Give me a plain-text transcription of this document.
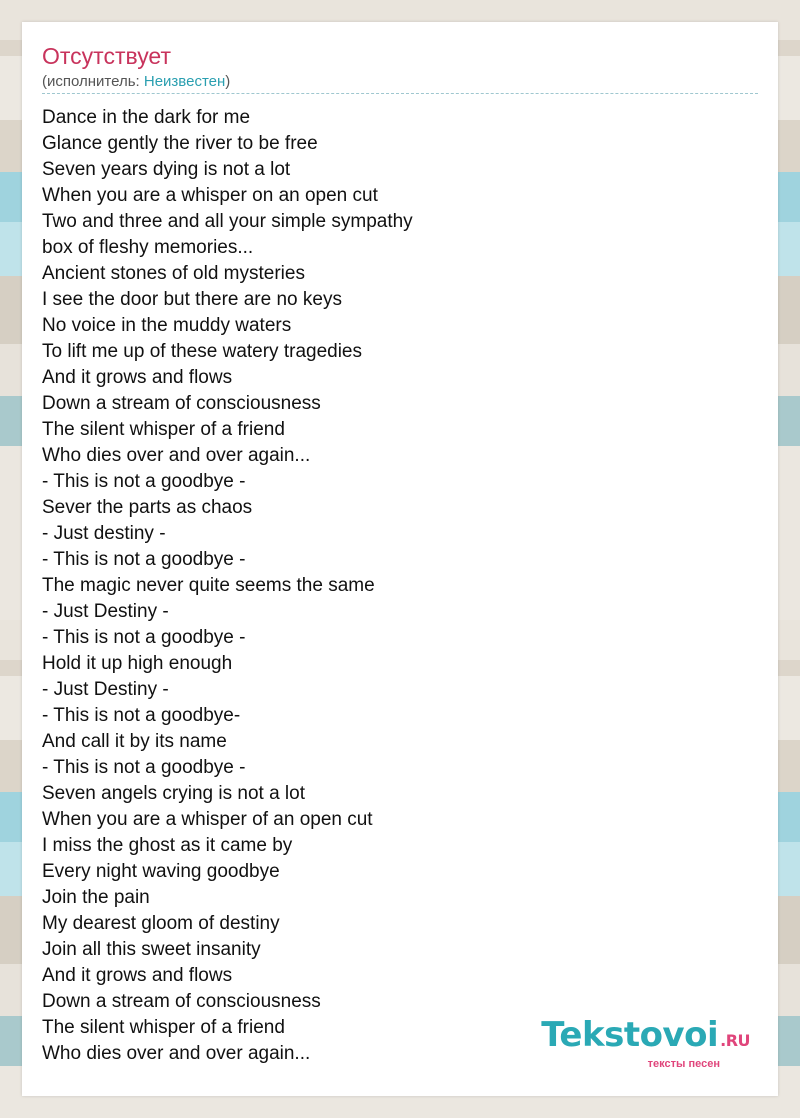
Отсутствует
(исполнитель: Неизвестен)
Dance in the dark for me
Glance gently the river to be free
Seven years dying is not a lot
When you are a whisper on an open cut
Two and three and all your simple sympathy
box of fleshy memories...
Ancient stones of old mysteries
I see the door but there are no keys
No voice in the muddy waters
To lift me up of these watery tragedies
And it grows and flows
Down a stream of consciousness
The silent whisper of a friend
Who dies over and over again...
- This is not a goodbye -
Sever the parts as chaos
- Just destiny -
- This is not a goodbye -
The magic never quite seems the same
- Just Destiny -
- This is not a goodbye -
Hold it up high enough
- Just Destiny -
- This is not a goodbye-
And call it by its name
- This is not a goodbye -
Seven angels crying is not a lot
When you are a whisper of an open cut
I miss the ghost as it came by
Every night waving goodbye
Join the pain
My dearest gloom of destiny
Join all this sweet insanity
And it grows and flows
Down a stream of consciousness
The silent whisper of a friend
Who dies over and over again...	Tekstovoi .RU
тексты песен
